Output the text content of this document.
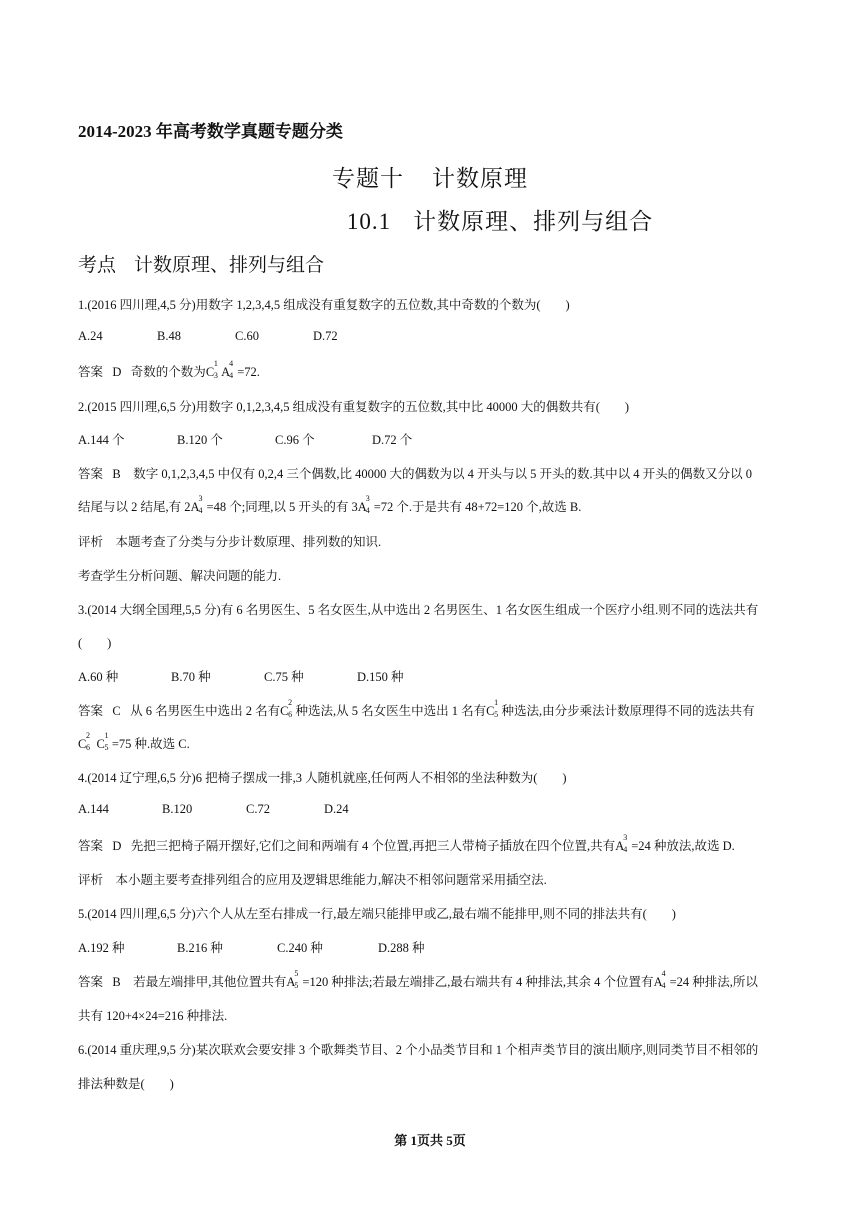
2014-2023 年高考数学真题专题分类
专题十 计数原理
10.1 计数原理、排列与组合
考点 计数原理、排列与组合
1.(2016 四川理,4,5 分)用数字 1,2,3,4,5 组成没有重复数字的五位数,其中奇数的个数为(　　)
A.24	B.48	C.60	D.72
答案 D 奇数的个数为C
1
3 A
4
4 =72.
2.(2015 四川理,6,5 分)用数字 0,1,2,3,4,5 组成没有重复数字的五位数,其中比 40000 大的偶数共有(　　)
A.144 个	B.120 个	C.96 个	D.72 个
答案 B 数字 0,1,2,3,4,5 中仅有 0,2,4 三个偶数,比 40000 大的偶数为以 4 开头与以 5 开头的数.其中以 4 开头的偶数又分以 0
结尾与以 2 结尾,有 2A
3
4 =48 个;同理,以 5 开头的有 3A
3
4 =72 个.于是共有 48+72=120 个,故选 B.
评析 本题考查了分类与分步计数原理、排列数的知识.
考查学生分析问题、解决问题的能力.
3.(2014 大纲全国理,5,5 分)有 6 名男医生、5 名女医生,从中选出 2 名男医生、1 名女医生组成一个医疗小组.则不同的选法共有
(　　)
A.60 种	B.70 种	C.75 种	D.150 种
答案 C 从 6 名男医生中选出 2 名有C
2
6 种选法,从 5 名女医生中选出 1 名有C
1
5 种选法,由分步乘法计数原理得不同的选法共有
C
2
6 C
1
5 =75 种.故选 C.
4.(2014 辽宁理,6,5 分)6 把椅子摆成一排,3 人随机就座,任何两人不相邻的坐法种数为(　　)
A.144	B.120	C.72	D.24
答案 D 先把三把椅子隔开摆好,它们之间和两端有 4 个位置,再把三人带椅子插放在四个位置,共有A
3
4 =24 种放法,故选 D.
评析 本小题主要考查排列组合的应用及逻辑思维能力,解决不相邻问题常采用插空法.
5.(2014 四川理,6,5 分)六个人从左至右排成一行,最左端只能排甲或乙,最右端不能排甲,则不同的排法共有(　　)
A.192 种	B.216 种	C.240 种	D.288 种
答案 B 若最左端排甲,其他位置共有A
5
5 =120 种排法;若最左端排乙,最右端共有 4 种排法,其余 4 个位置有A
4
4 =24 种排法,所以
共有 120+4×24=216 种排法.
6.(2014 重庆理,9,5 分)某次联欢会要安排 3 个歌舞类节目、2 个小品类节目和 1 个相声类节目的演出顺序,则同类节目不相邻的
排法种数是(　　)
第 1页共 5页
